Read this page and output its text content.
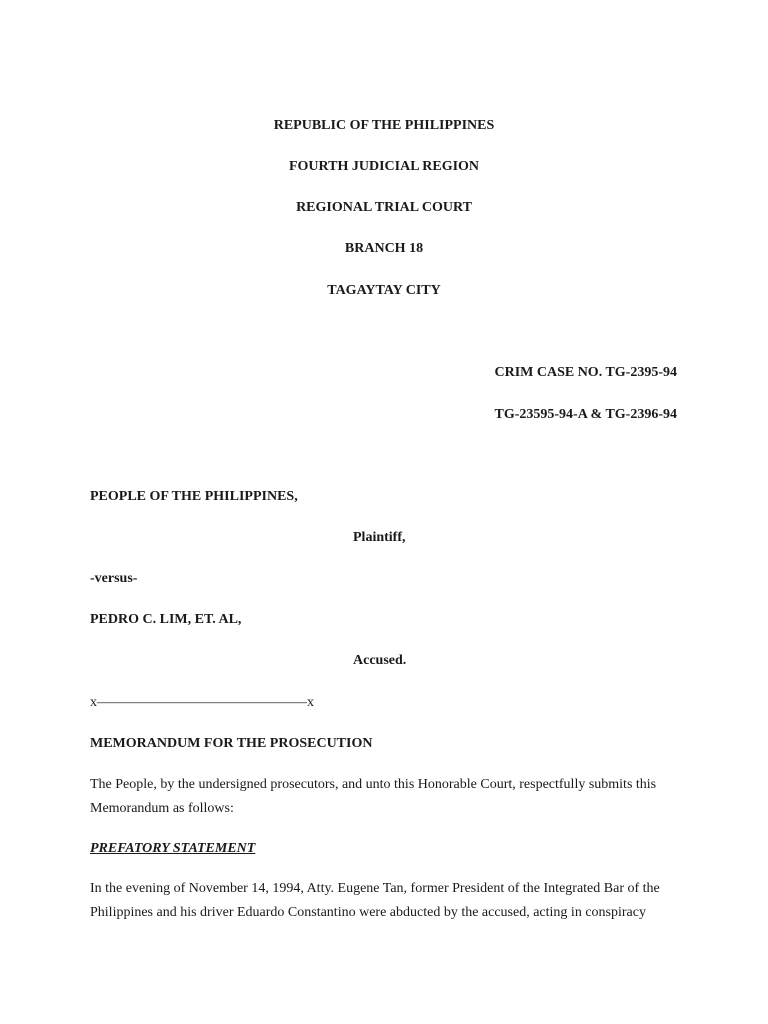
REPUBLIC OF THE PHILIPPINES
FOURTH JUDICIAL REGION
REGIONAL TRIAL COURT
BRANCH 18
TAGAYTAY CITY
CRIM CASE NO. TG-2395-94
TG-23595-94-A & TG-2396-94
PEOPLE OF THE PHILIPPINES,
Plaintiff,
-versus-
PEDRO C. LIM, ET. AL,
Accused.
x———————————————x
MEMORANDUM FOR THE PROSECUTION
The People, by the undersigned prosecutors, and unto this Honorable Court, respectfully submits this Memorandum as follows:
PREFATORY STATEMENT
In the evening of November 14, 1994, Atty. Eugene Tan, former President of the Integrated Bar of the Philippines and his driver Eduardo Constantino were abducted by the accused, acting in conspiracy
